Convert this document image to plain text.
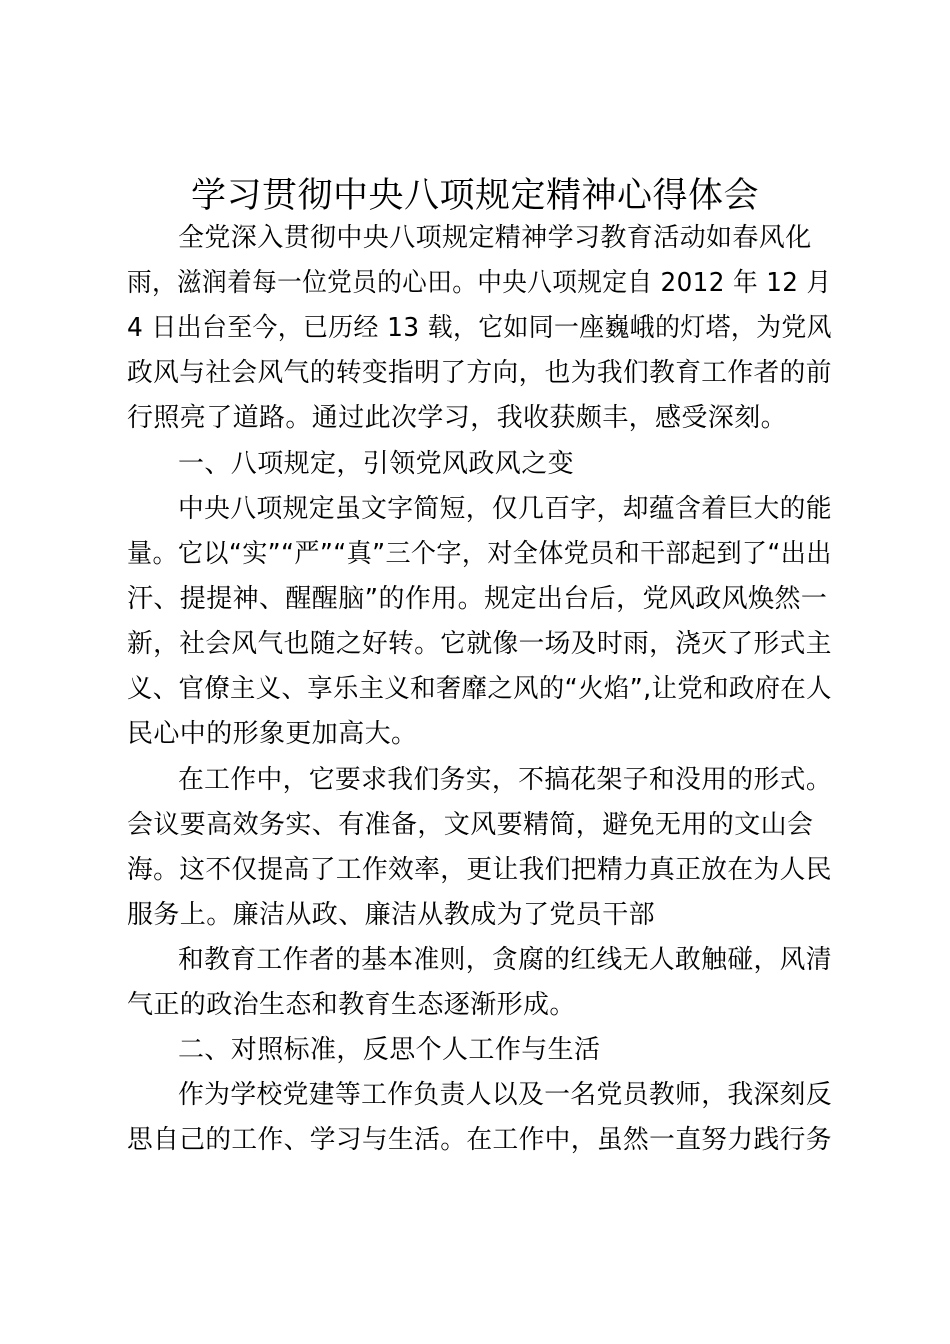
学习贯彻中央八项规定精神心得体会

全党深入贯彻中央八项规定精神学习教育活动如春风化

雨，滋润着每一位党员的心田。中央八项规定自 2012 年 12 月

4 日出台至今，已历经 13 载，它如同一座巍峨的灯塔，为党风

政风与社会风气的转变指明了方向，也为我们教育工作者的前

行照亮了道路。通过此次学习，我收获颇丰，感受深刻。

一、八项规定，引领党风政风之变

中央八项规定虽文字简短，仅几百字，却蕴含着巨大的能

量。它以“实”“严”“真”三个字，对全体党员和干部起到了“出出

汗、提提神、醒醒脑”的作用。规定出台后，党风政风焕然一

新，社会风气也随之好转。它就像一场及时雨，浇灭了形式主

义、官僚主义、享乐主义和奢靡之风的“火焰”,让党和政府在人

民心中的形象更加高大。

在工作中，它要求我们务实，不搞花架子和没用的形式。

会议要高效务实、有准备，文风要精简，避免无用的文山会

海。这不仅提高了工作效率，更让我们把精力真正放在为人民

服务上。廉洁从政、廉洁从教成为了党员干部

和教育工作者的基本准则，贪腐的红线无人敢触碰，风清

气正的政治生态和教育生态逐渐形成。

二、对照标准，反思个人工作与生活

作为学校党建等工作负责人以及一名党员教师，我深刻反

思自己的工作、学习与生活。在工作中，虽然一直努力践行务
